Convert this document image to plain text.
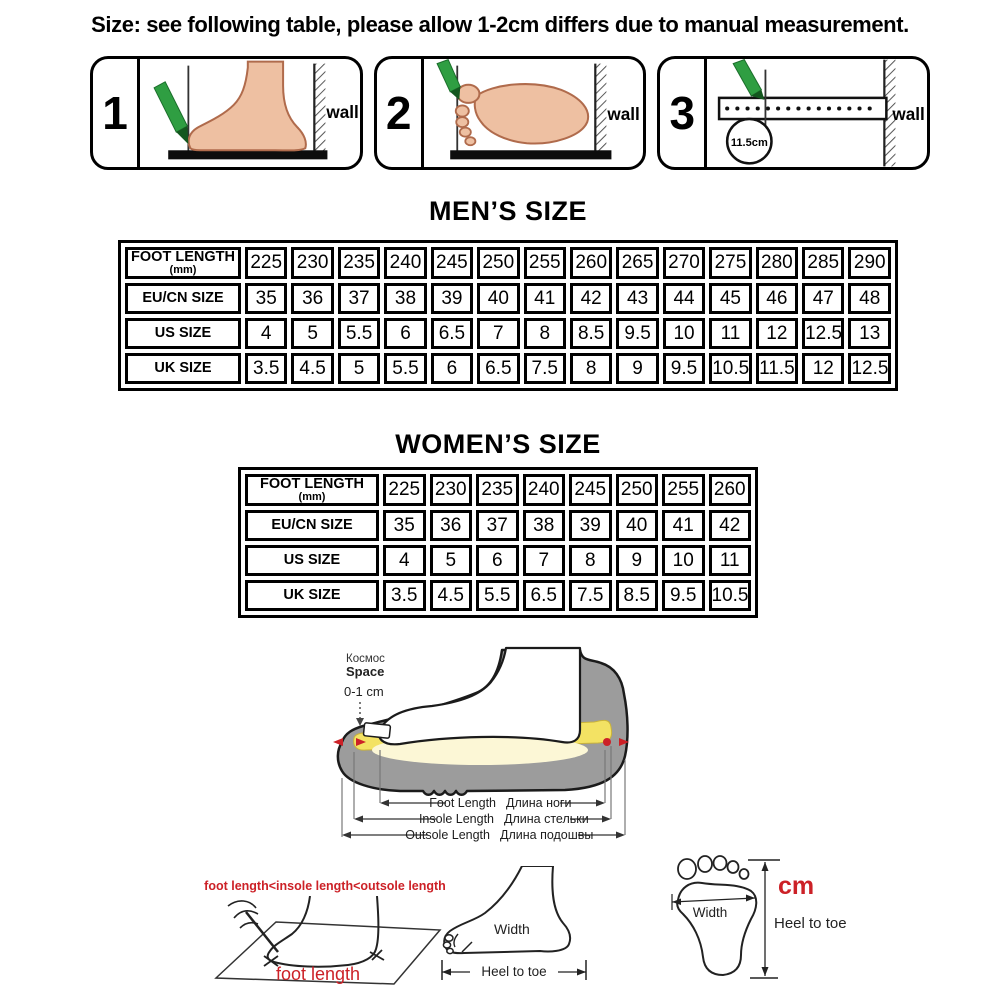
Size: see following table, please allow 1-2cm differs due to manual measurement.
1	wall 2	wall 3
11.5cm
wall
MEN’S SIZE
FOOT LENGTH
(mm)	225	230	235	240	245	250	255	260	265	270	275	280	285	290

EU/CN SIZE	35	36	37	38	39	40	41	42	43	44	45	46	47	48

US SIZE	4	5	5.5	6	6.5	7	8	8.5	9.5	10	11	12	12.5	13

UK SIZE	3.5	4.5	5	5.5	6	6.5	7.5	8	9	9.5	10.5	11.5	12	12.5
WOMEN’S SIZE
FOOT LENGTH
(mm)	225	230	235	240	245	250	255	260

EU/CN SIZE	35	36	37	38	39	40	41	42

US SIZE	4	5	6	7	8	9	10	11

UK SIZE	3.5	4.5	5.5	6.5	7.5	8.5	9.5	10.5
Космос
Space
0-1 cm
Foot Length Длина ноги
Insole Length Длина стельки
Outsole Length Длина подошвы
foot length<insole length<outsole length
foot length
Width
Heel to toe
Width
cm
Heel to toe
